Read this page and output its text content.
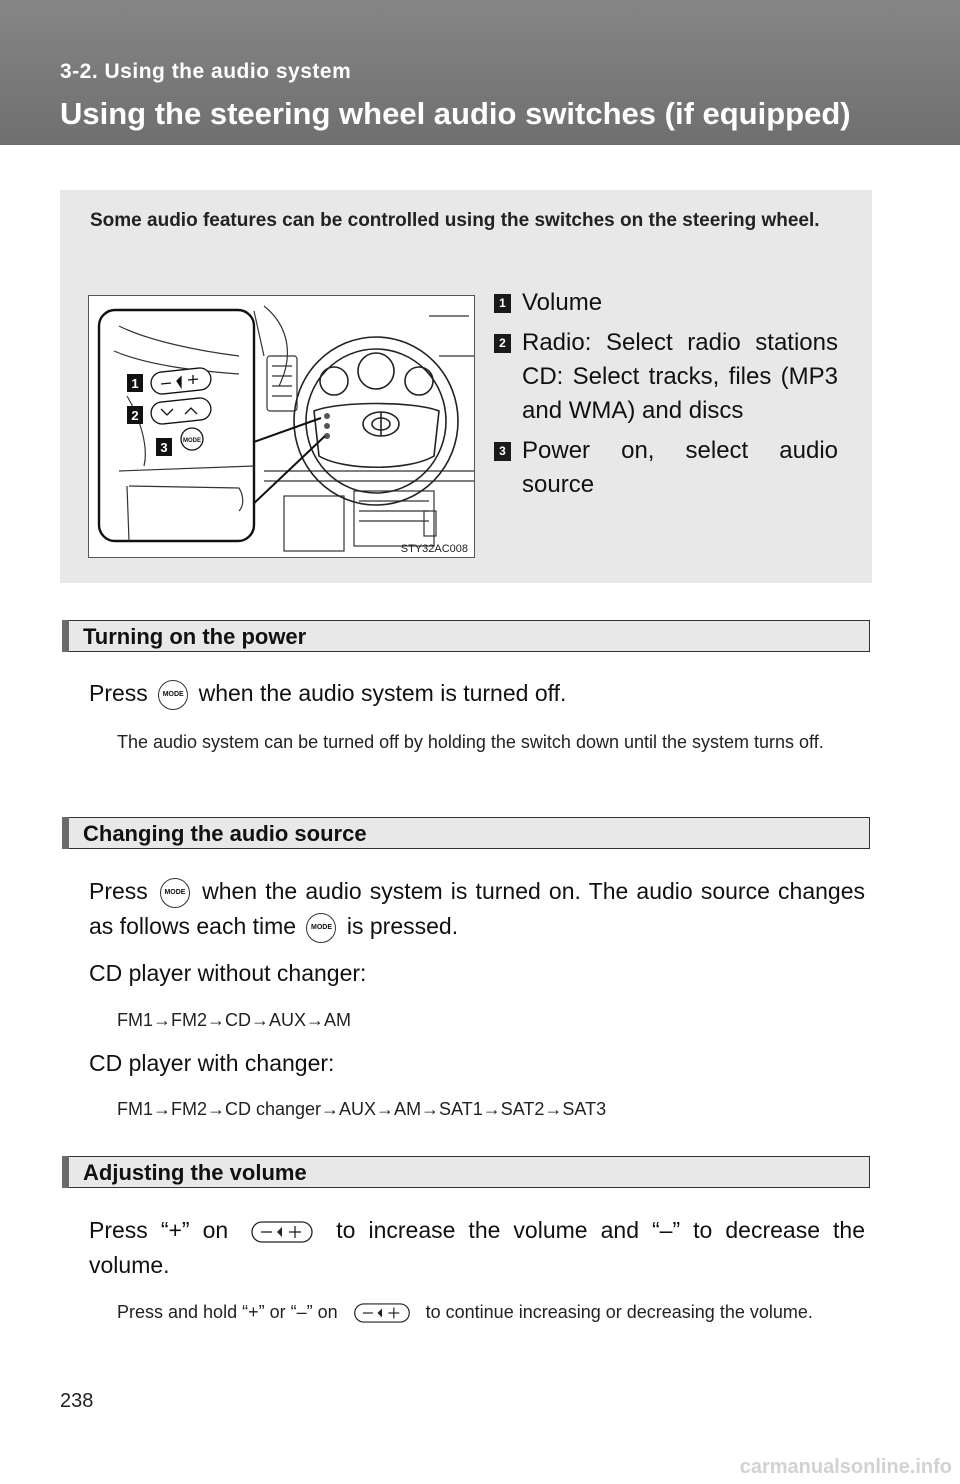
3-2. Using the audio system
Using the steering wheel audio switches (if equipped)
Some audio features can be controlled using the switches on the steering wheel.
MODE
1
2
3
STY32AC008
1 Volume
2 Radio: Select radio stations CD: Select tracks, files (MP3 and WMA) and discs
3 Power on, select audio source
Turning on the power
Press MODE when the audio system is turned off.
The audio system can be turned off by holding the switch down until the system turns off.
Changing the audio source
Press MODE when the audio system is turned on. The audio source changes as follows each time MODE is pressed.
CD player without changer:
FM1→FM2→CD→AUX→AM
CD player with changer:
FM1→FM2→CD changer→AUX→AM→SAT1→SAT2→SAT3
Adjusting the volume
Press “+” on	to increase the volume and “–” to decrease the volume.
Press and hold “+” or “–” on	to continue increasing or decreasing the volume.
238
carmanualsonline.info
